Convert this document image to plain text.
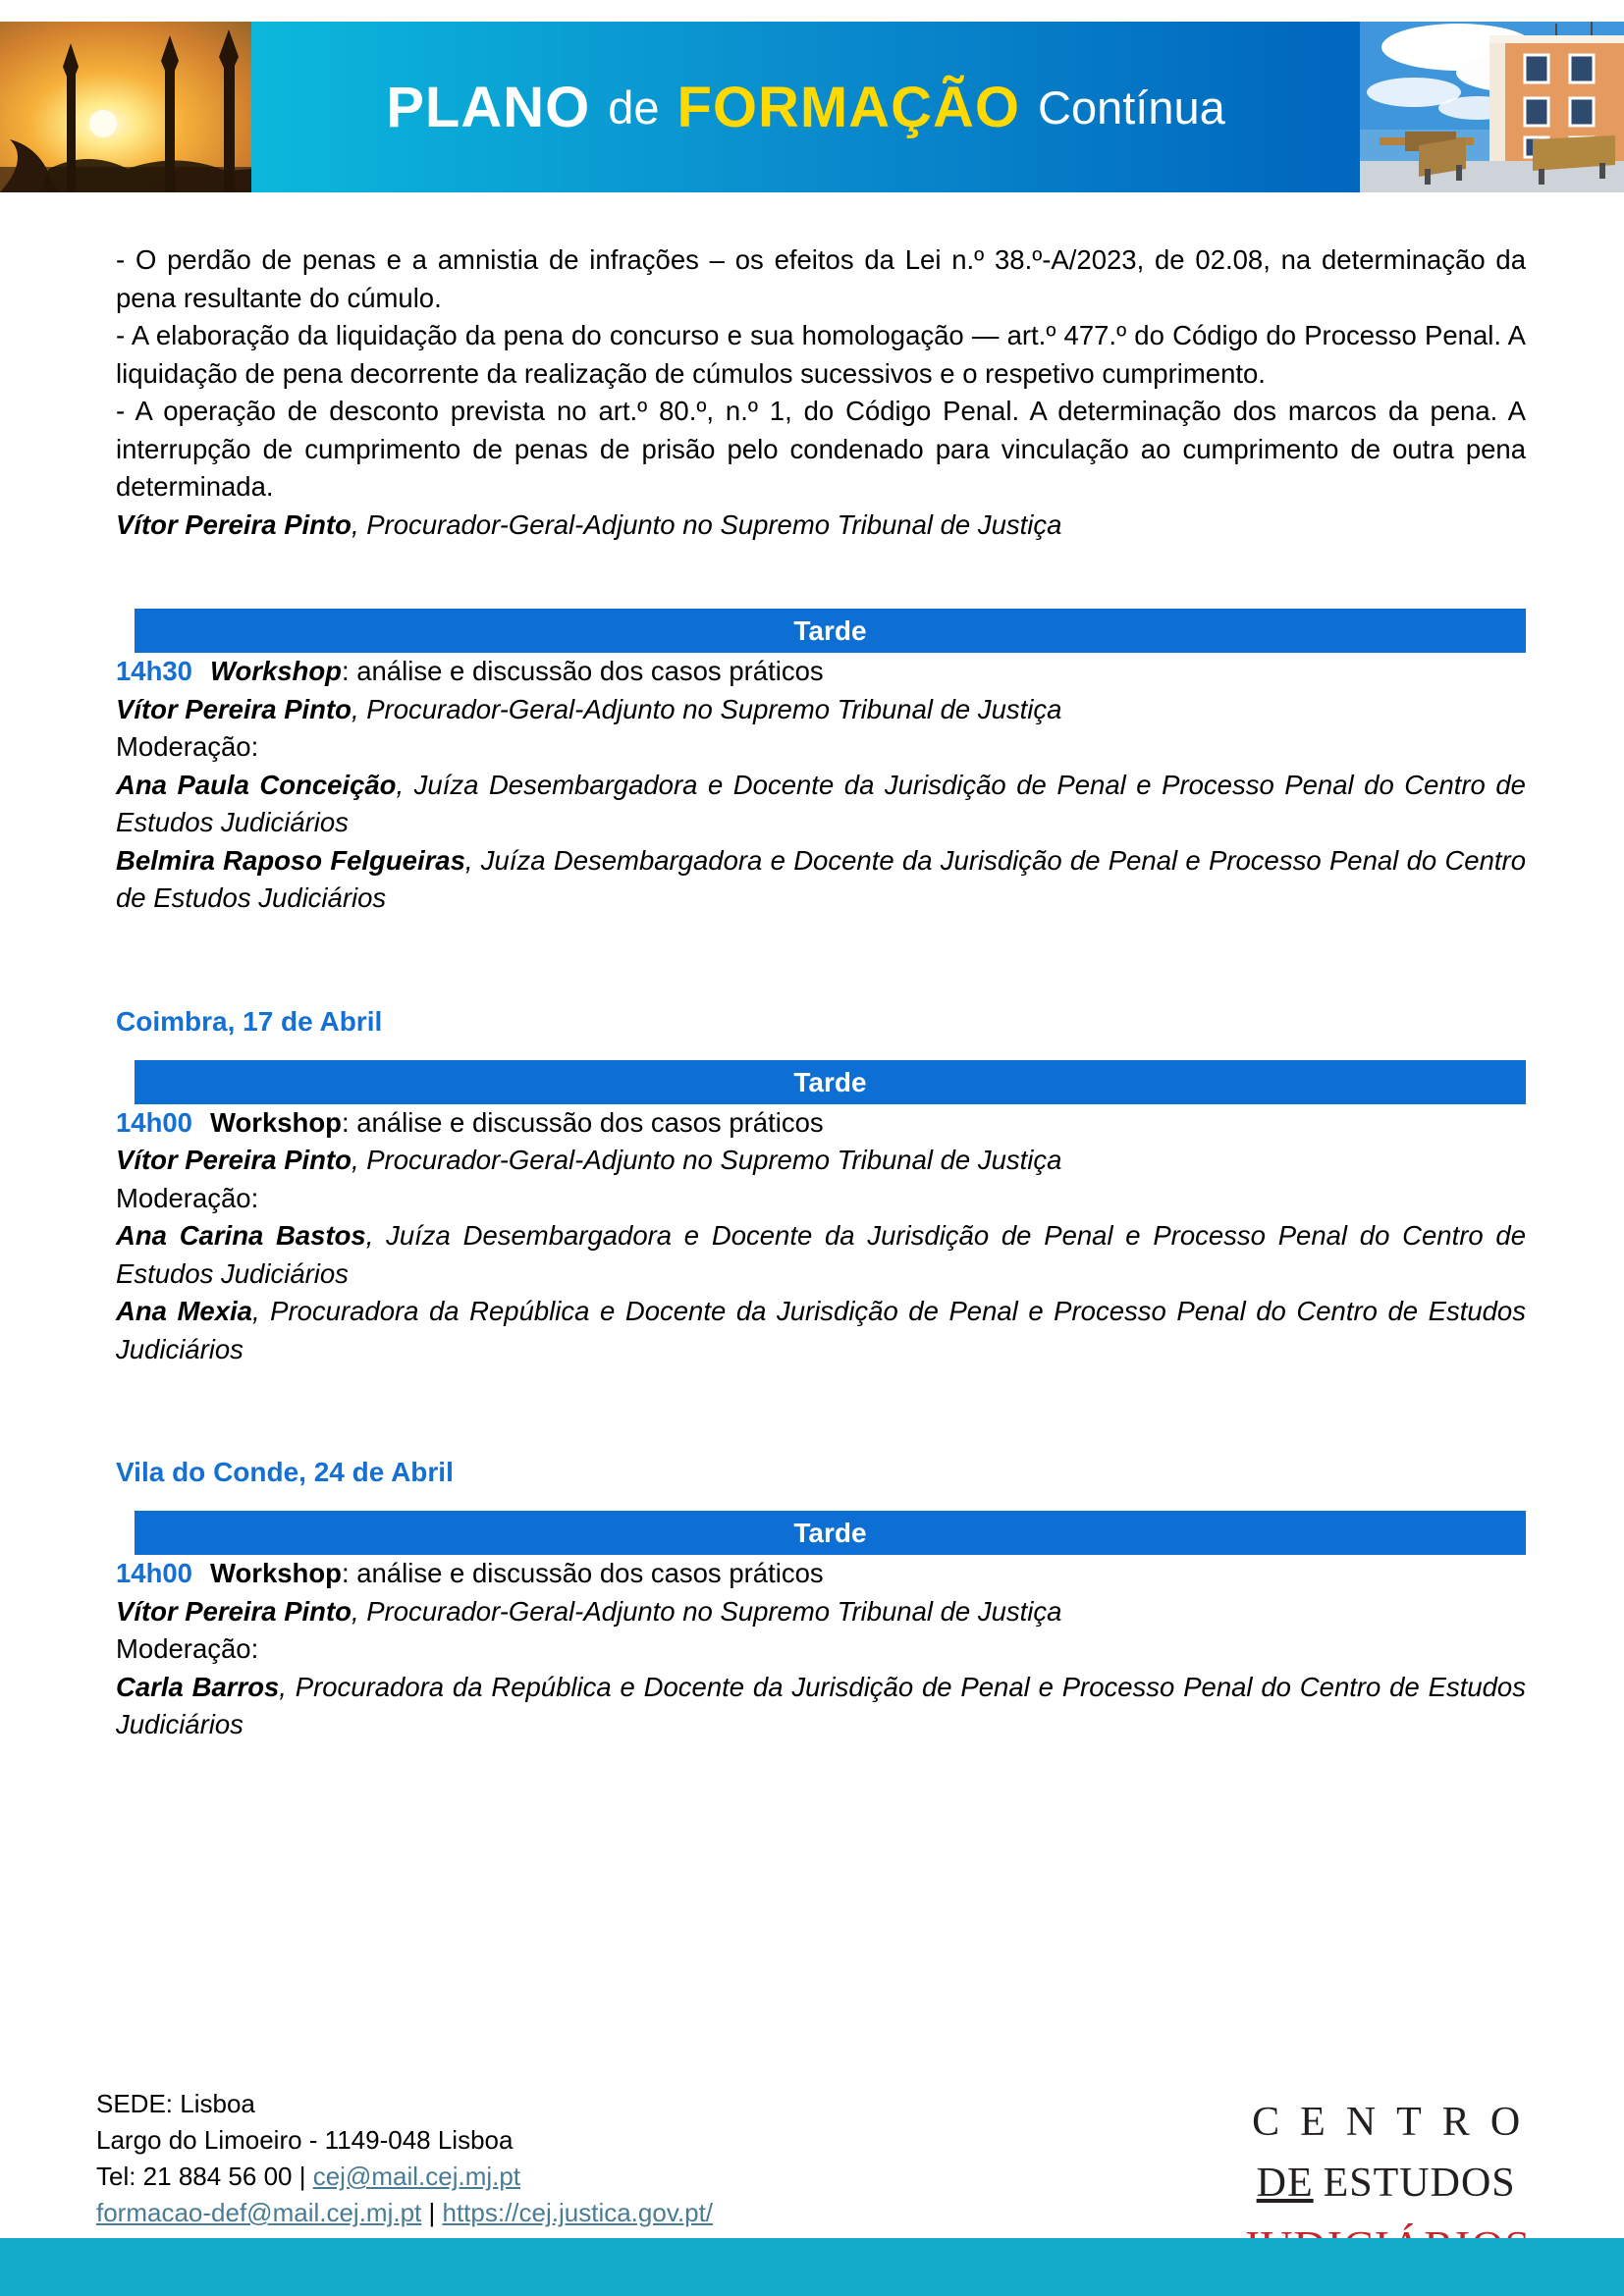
PLANO de FORMAÇÃO Contínua

- O perdão de penas e a amnistia de infrações – os efeitos da Lei n.º 38.º-A/2023, de 02.08, na determinação da pena resultante do cúmulo.

- A elaboração da liquidação da pena do concurso e sua homologação — art.º 477.º do Código do Processo Penal. A liquidação de pena decorrente da realização de cúmulos sucessivos e o respetivo cumprimento.

- A operação de desconto prevista no art.º 80.º, n.º 1, do Código Penal. A determinação dos marcos da pena. A interrupção de cumprimento de penas de prisão pelo condenado para vinculação ao cumprimento de outra pena determinada.

Vítor Pereira Pinto, Procurador-Geral-Adjunto no Supremo Tribunal de Justiça

Tarde

14h30 Workshop: análise e discussão dos casos práticos

Vítor Pereira Pinto, Procurador-Geral-Adjunto no Supremo Tribunal de Justiça

Moderação:

Ana Paula Conceição, Juíza Desembargadora e Docente da Jurisdição de Penal e Processo Penal do Centro de Estudos Judiciários

Belmira Raposo Felgueiras, Juíza Desembargadora e Docente da Jurisdição de Penal e Processo Penal do Centro de Estudos Judiciários

Coimbra, 17 de Abril
Tarde

14h00 Workshop: análise e discussão dos casos práticos

Vítor Pereira Pinto, Procurador-Geral-Adjunto no Supremo Tribunal de Justiça

Moderação:

Ana Carina Bastos, Juíza Desembargadora e Docente da Jurisdição de Penal e Processo Penal do Centro de Estudos Judiciários

Ana Mexia, Procuradora da República e Docente da Jurisdição de Penal e Processo Penal do Centro de Estudos Judiciários

Vila do Conde, 24 de Abril
Tarde

14h00 Workshop: análise e discussão dos casos práticos

Vítor Pereira Pinto, Procurador-Geral-Adjunto no Supremo Tribunal de Justiça

Moderação:

Carla Barros, Procuradora da República e Docente da Jurisdição de Penal e Processo Penal do Centro de Estudos Judiciários

SEDE: Lisboa

Largo do Limoeiro - 1149-048 Lisboa

Tel: 21 884 56 00 | cej@mail.cej.mj.pt

formacao-def@mail.cej.mj.pt | https://cej.justica.gov.pt/

CENTRO
DE ESTUDOS
